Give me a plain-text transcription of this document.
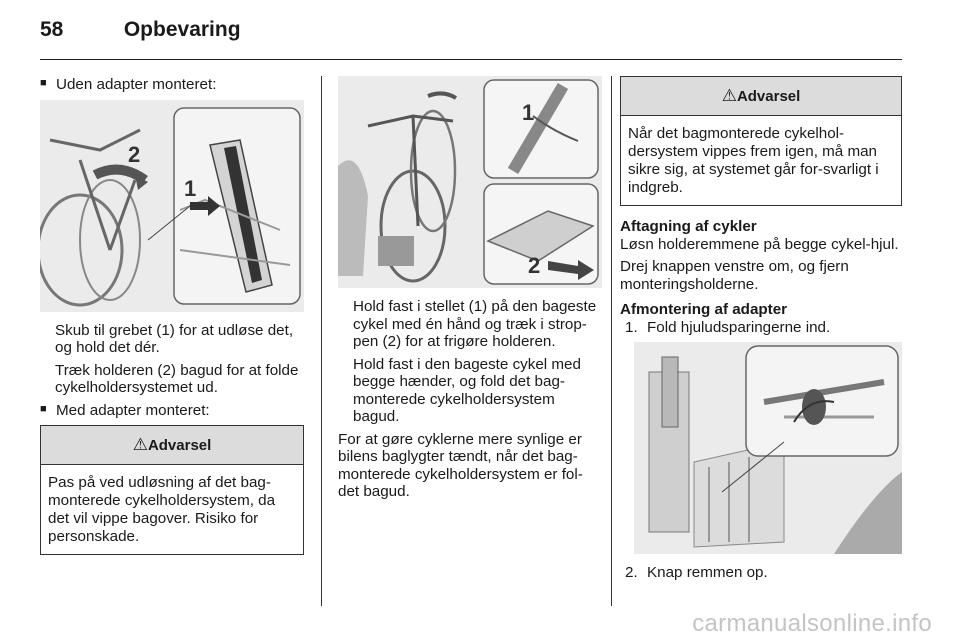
58	Opbevaring

■ Uden adapter monteret:

2
1

Skub til grebet (1) for at udløse det, og hold det dér.

Træk holderen (2) bagud for at folde cykelholdersystemet ud.

■ Med adapter monteret:

⚠Advarsel
Pas på ved udløsning af det bag-monterede cykelholdersystem, da det vil vippe bagover. Risiko for personskade.
1
2

Hold fast i stellet (1) på den bageste cykel med én hånd og træk i strop-pen (2) for at frigøre holderen.

Hold fast i den bageste cykel med begge hænder, og fold det bag-monterede cykelholdersystem bagud.

For at gøre cyklerne mere synlige er bilens baglygter tændt, når det bag-monterede cykelholdersystem er fol-det bagud.

⚠Advarsel
Når det bagmonterede cykelhol-dersystem vippes frem igen, må man sikre sig, at systemet går for-svarligt i indgreb.

Aftagning af cykler

Løsn holderemmene på begge cykel-hjul.

Drej knappen venstre om, og fjern monteringsholderne.

Afmontering af adapter

1. Fold hjuludsparingerne ind.

2. Knap remmen op.

carmanualsonline.info
